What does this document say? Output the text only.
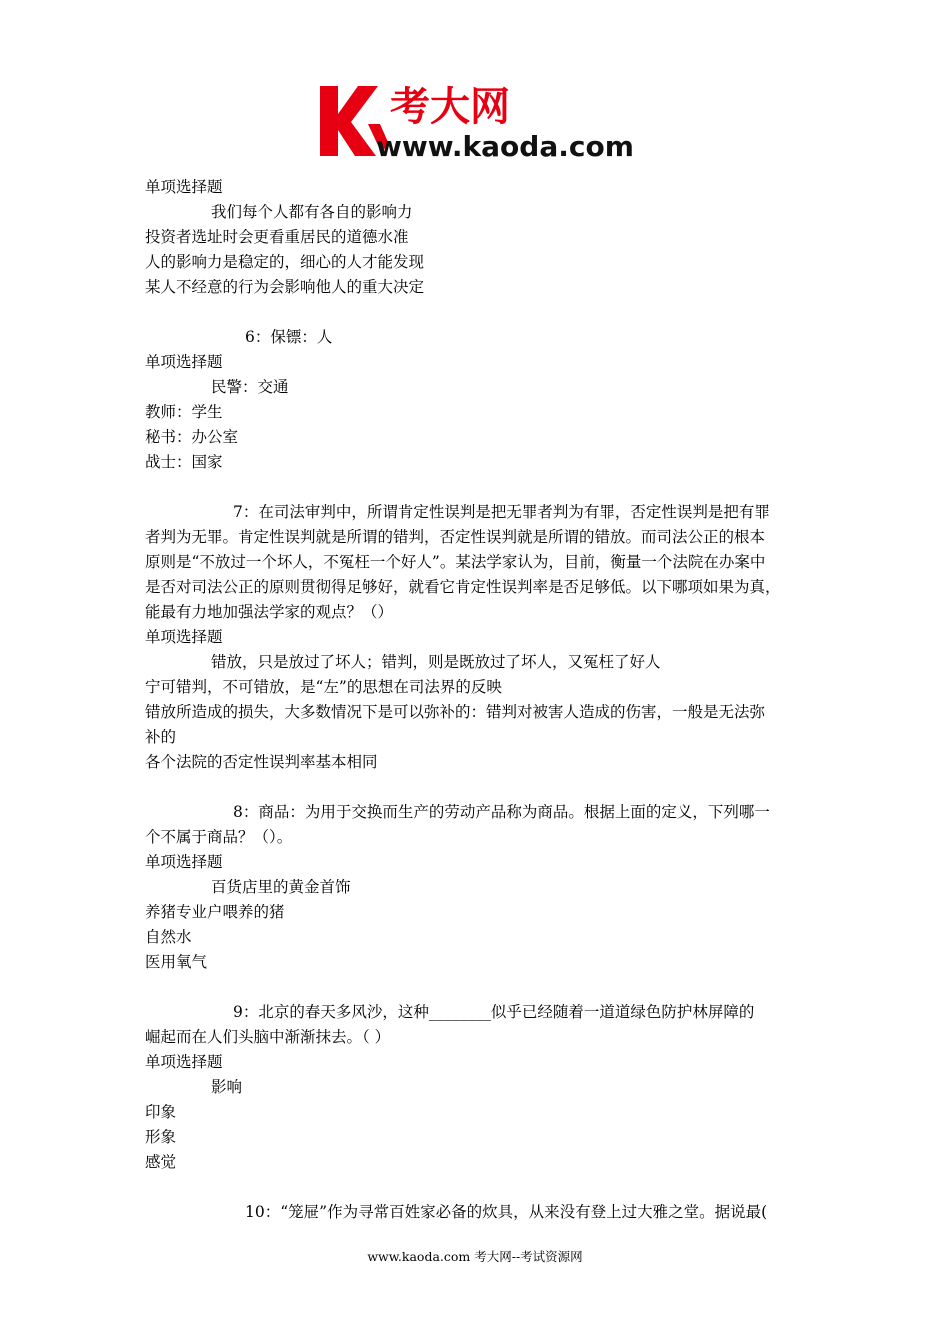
考大网
www.kaoda.com
单项选择题
我们每个人都有各自的影响力
投资者选址时会更看重居民的道德水准
人的影响力是稳定的，细心的人才能发现
某人不经意的行为会影响他人的重大决定
6：保镖：人
单项选择题
民警：交通
教师：学生
秘书：办公室
战士：国家
7：在司法审判中，所谓肯定性误判是把无罪者判为有罪，否定性误判是把有罪
者判为无罪。肯定性误判就是所谓的错判，否定性误判就是所谓的错放。而司法公正的根本
原则是“不放过一个坏人，不冤枉一个好人”。某法学家认为，目前，衡量一个法院在办案中
是否对司法公正的原则贯彻得足够好，就看它肯定性误判率是否足够低。以下哪项如果为真，
能最有力地加强法学家的观点？（）
单项选择题
错放，只是放过了坏人；错判，则是既放过了坏人，又冤枉了好人
宁可错判，不可错放，是“左”的思想在司法界的反映
错放所造成的损失，大多数情况下是可以弥补的：错判对被害人造成的伤害，一般是无法弥
补的
各个法院的否定性误判率基本相同
8：商品：为用于交换而生产的劳动产品称为商品。根据上面的定义，下列哪一
个不属于商品？（）。
单项选择题
百货店里的黄金首饰
养猪专业户喂养的猪
自然水
医用氧气
9：北京的春天多风沙，这种________似乎已经随着一道道绿色防护林屏障的
崛起而在人们头脑中渐渐抹去。（ ）
单项选择题
影响
印象
形象
感觉
10：“笼屉”作为寻常百姓家必备的炊具，从来没有登上过大雅之堂。据说最(
www.kaoda.com 考大网--考试资源网
